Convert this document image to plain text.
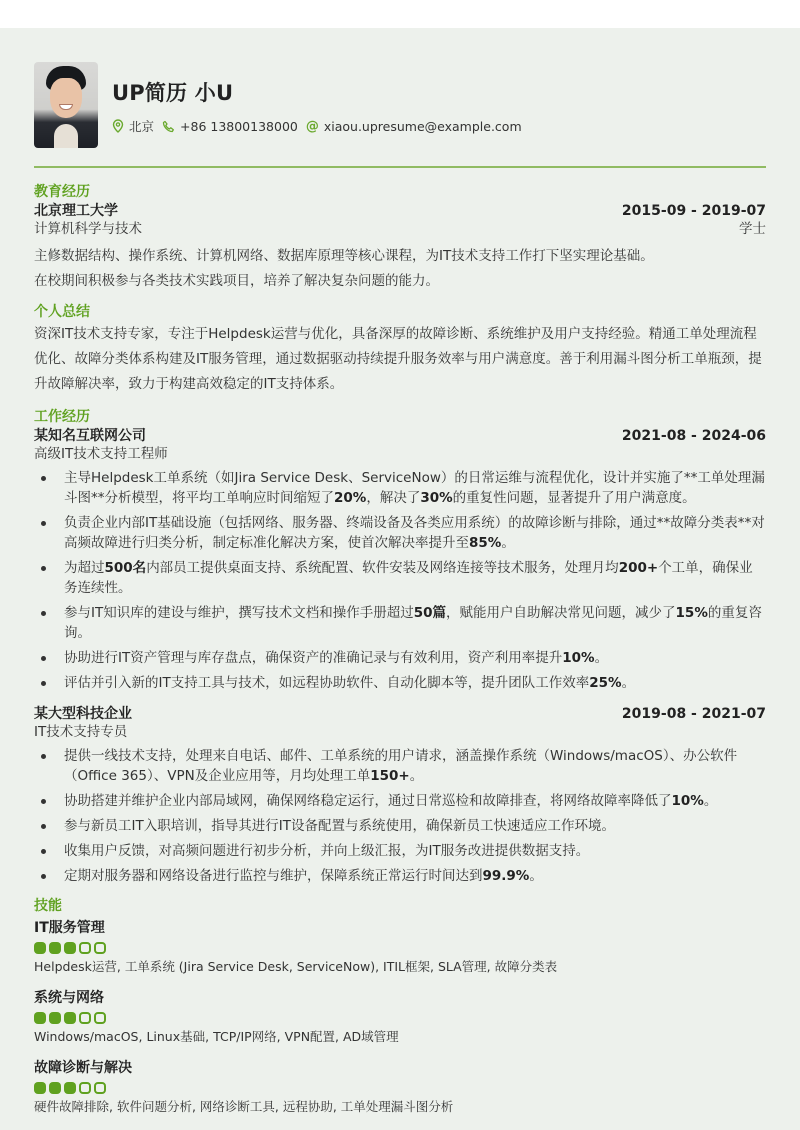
UP简历 小U
北京 +86 13800138000 @ xiaou.upresume@example.com
教育经历
北京理工大学	2015-09 - 2019-07
计算机科学与技术	学士
主修数据结构、操作系统、计算机网络、数据库原理等核心课程，为IT技术支持工作打下坚实理论基础。
在校期间积极参与各类技术实践项目，培养了解决复杂问题的能力。
个人总结
资深IT技术支持专家，专注于Helpdesk运营与优化，具备深厚的故障诊断、系统维护及用户支持经验。精通工单处理流程优化、故障分类体系构建及IT服务管理，通过数据驱动持续提升服务效率与用户满意度。善于利用漏斗图分析工单瓶颈，提升故障解决率，致力于构建高效稳定的IT支持体系。
工作经历
某知名互联网公司	2021-08 - 2024-06
高级IT技术支持工程师
主导Helpdesk工单系统（如Jira Service Desk、ServiceNow）的日常运维与流程优化，设计并实施了**工单处理漏斗图**分析模型，将平均工单响应时间缩短了20%，解决了30%的重复性问题，显著提升了用户满意度。
负责企业内部IT基础设施（包括网络、服务器、终端设备及各类应用系统）的故障诊断与排除，通过**故障分类表**对高频故障进行归类分析，制定标准化解决方案，使首次解决率提升至85%。
为超过500名内部员工提供桌面支持、系统配置、软件安装及网络连接等技术服务，处理月均200+个工单，确保业务连续性。
参与IT知识库的建设与维护，撰写技术文档和操作手册超过50篇，赋能用户自助解决常见问题，减少了15%的重复咨询。
协助进行IT资产管理与库存盘点，确保资产的准确记录与有效利用，资产利用率提升10%。
评估并引入新的IT支持工具与技术，如远程协助软件、自动化脚本等，提升团队工作效率25%。
某大型科技企业	2019-08 - 2021-07
IT技术支持专员
提供一线技术支持，处理来自电话、邮件、工单系统的用户请求，涵盖操作系统（Windows/macOS）、办公软件（Office 365）、VPN及企业应用等，月均处理工单150+。
协助搭建并维护企业内部局域网，确保网络稳定运行，通过日常巡检和故障排查，将网络故障率降低了10%。
参与新员工IT入职培训，指导其进行IT设备配置与系统使用，确保新员工快速适应工作环境。
收集用户反馈，对高频问题进行初步分析，并向上级汇报，为IT服务改进提供数据支持。
定期对服务器和网络设备进行监控与维护，保障系统正常运行时间达到99.9%。
技能
IT服务管理
Helpdesk运营, 工单系统 (Jira Service Desk, ServiceNow), ITIL框架, SLA管理, 故障分类表
系统与网络
Windows/macOS, Linux基础, TCP/IP网络, VPN配置, AD域管理
故障诊断与解决
硬件故障排除, 软件问题分析, 网络诊断工具, 远程协助, 工单处理漏斗图分析
